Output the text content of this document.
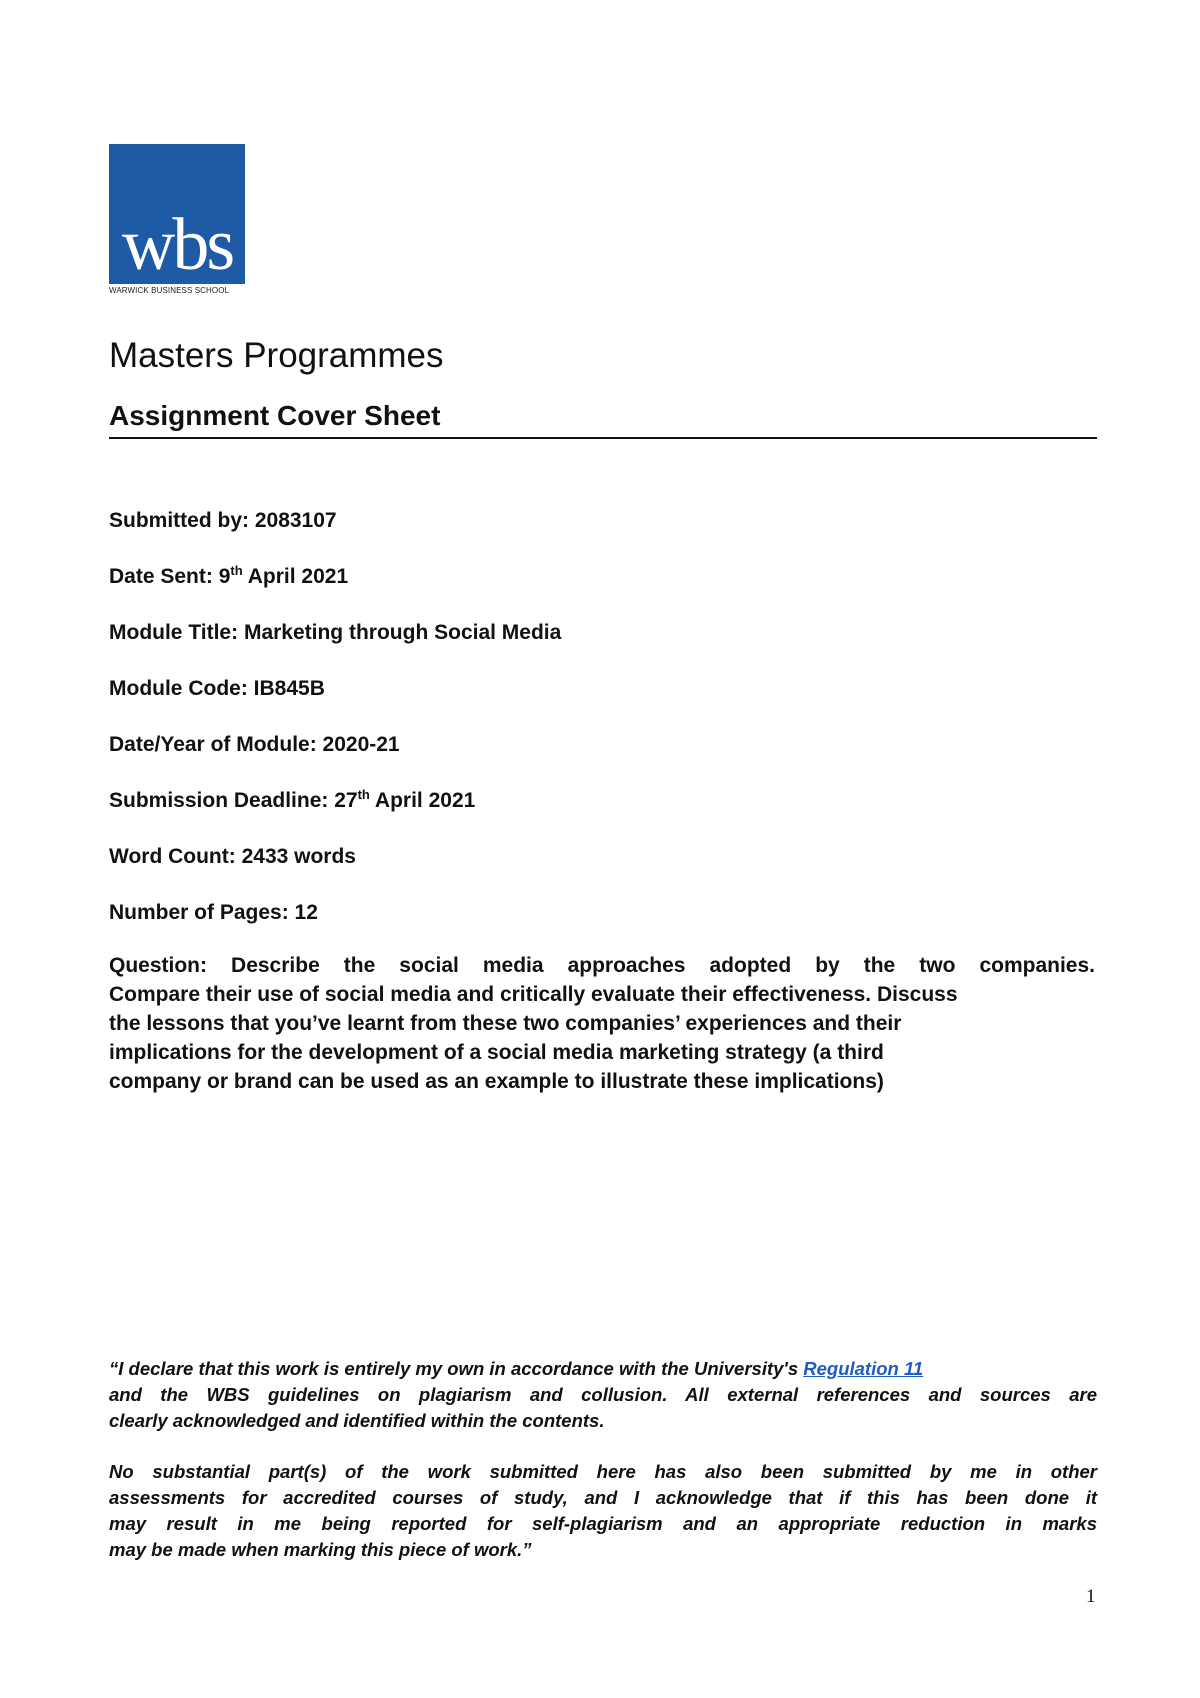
wbs
WARWICK BUSINESS SCHOOL
Masters Programmes
Assignment Cover Sheet
Submitted by: 2083107
Date Sent: 9th April 2021
Module Title: Marketing through Social Media
Module Code: IB845B
Date/Year of Module: 2020-21
Submission Deadline: 27th April 2021
Word Count: 2433 words
Number of Pages: 12
Question: Describe the social media approaches adopted by the two companies.
Compare their use of social media and critically evaluate their effectiveness. Discuss
the lessons that you’ve learnt from these two companies’ experiences and their
implications for the development of a social media marketing strategy (a third
company or brand can be used as an example to illustrate these implications)
“I declare that this work is entirely my own in accordance with the University's Regulation 11
and the WBS guidelines on plagiarism and collusion. All external references and sources are
clearly acknowledged and identified within the contents.
No substantial part(s) of the work submitted here has also been submitted by me in other
assessments for accredited courses of study, and I acknowledge that if this has been done it
may result in me being reported for self-plagiarism and an appropriate reduction in marks
may be made when marking this piece of work.”
1
